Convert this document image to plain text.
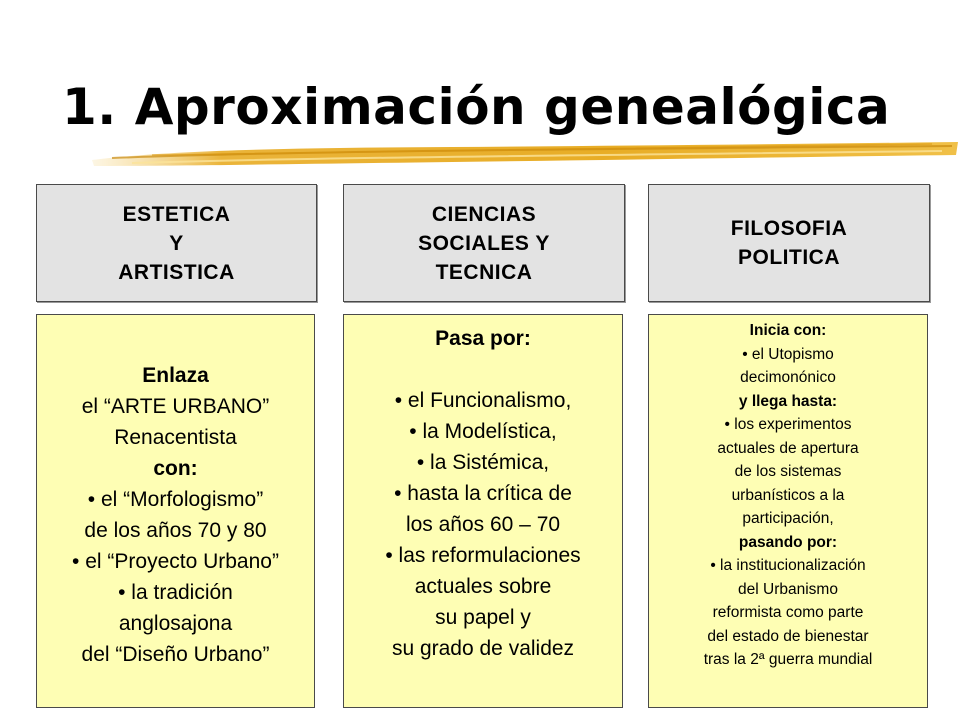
1. Aproximación genealógica
ESTETICA
Y
ARTISTICA
CIENCIAS
SOCIALES Y
TECNICA
FILOSOFIA
POLITICA
Enlaza
el “ARTE URBANO”
Renacentista
con:
• el “Morfologismo”
de los años 70 y 80
• el “Proyecto Urbano”
• la tradición
anglosajona
del “Diseño Urbano”
Pasa por:
• el Funcionalismo,
• la Modelística,
• la Sistémica,
• hasta la crítica de
los años 60 – 70
• las reformulaciones
actuales sobre
su papel y
su grado de validez
Inicia con:
• el Utopismo
decimonónico
y llega hasta:
• los experimentos
actuales de apertura
de los sistemas
urbanísticos a la
participación,
pasando por:
• la institucionalización
del Urbanismo
reformista como parte
del estado de bienestar
tras la 2ª guerra mundial
